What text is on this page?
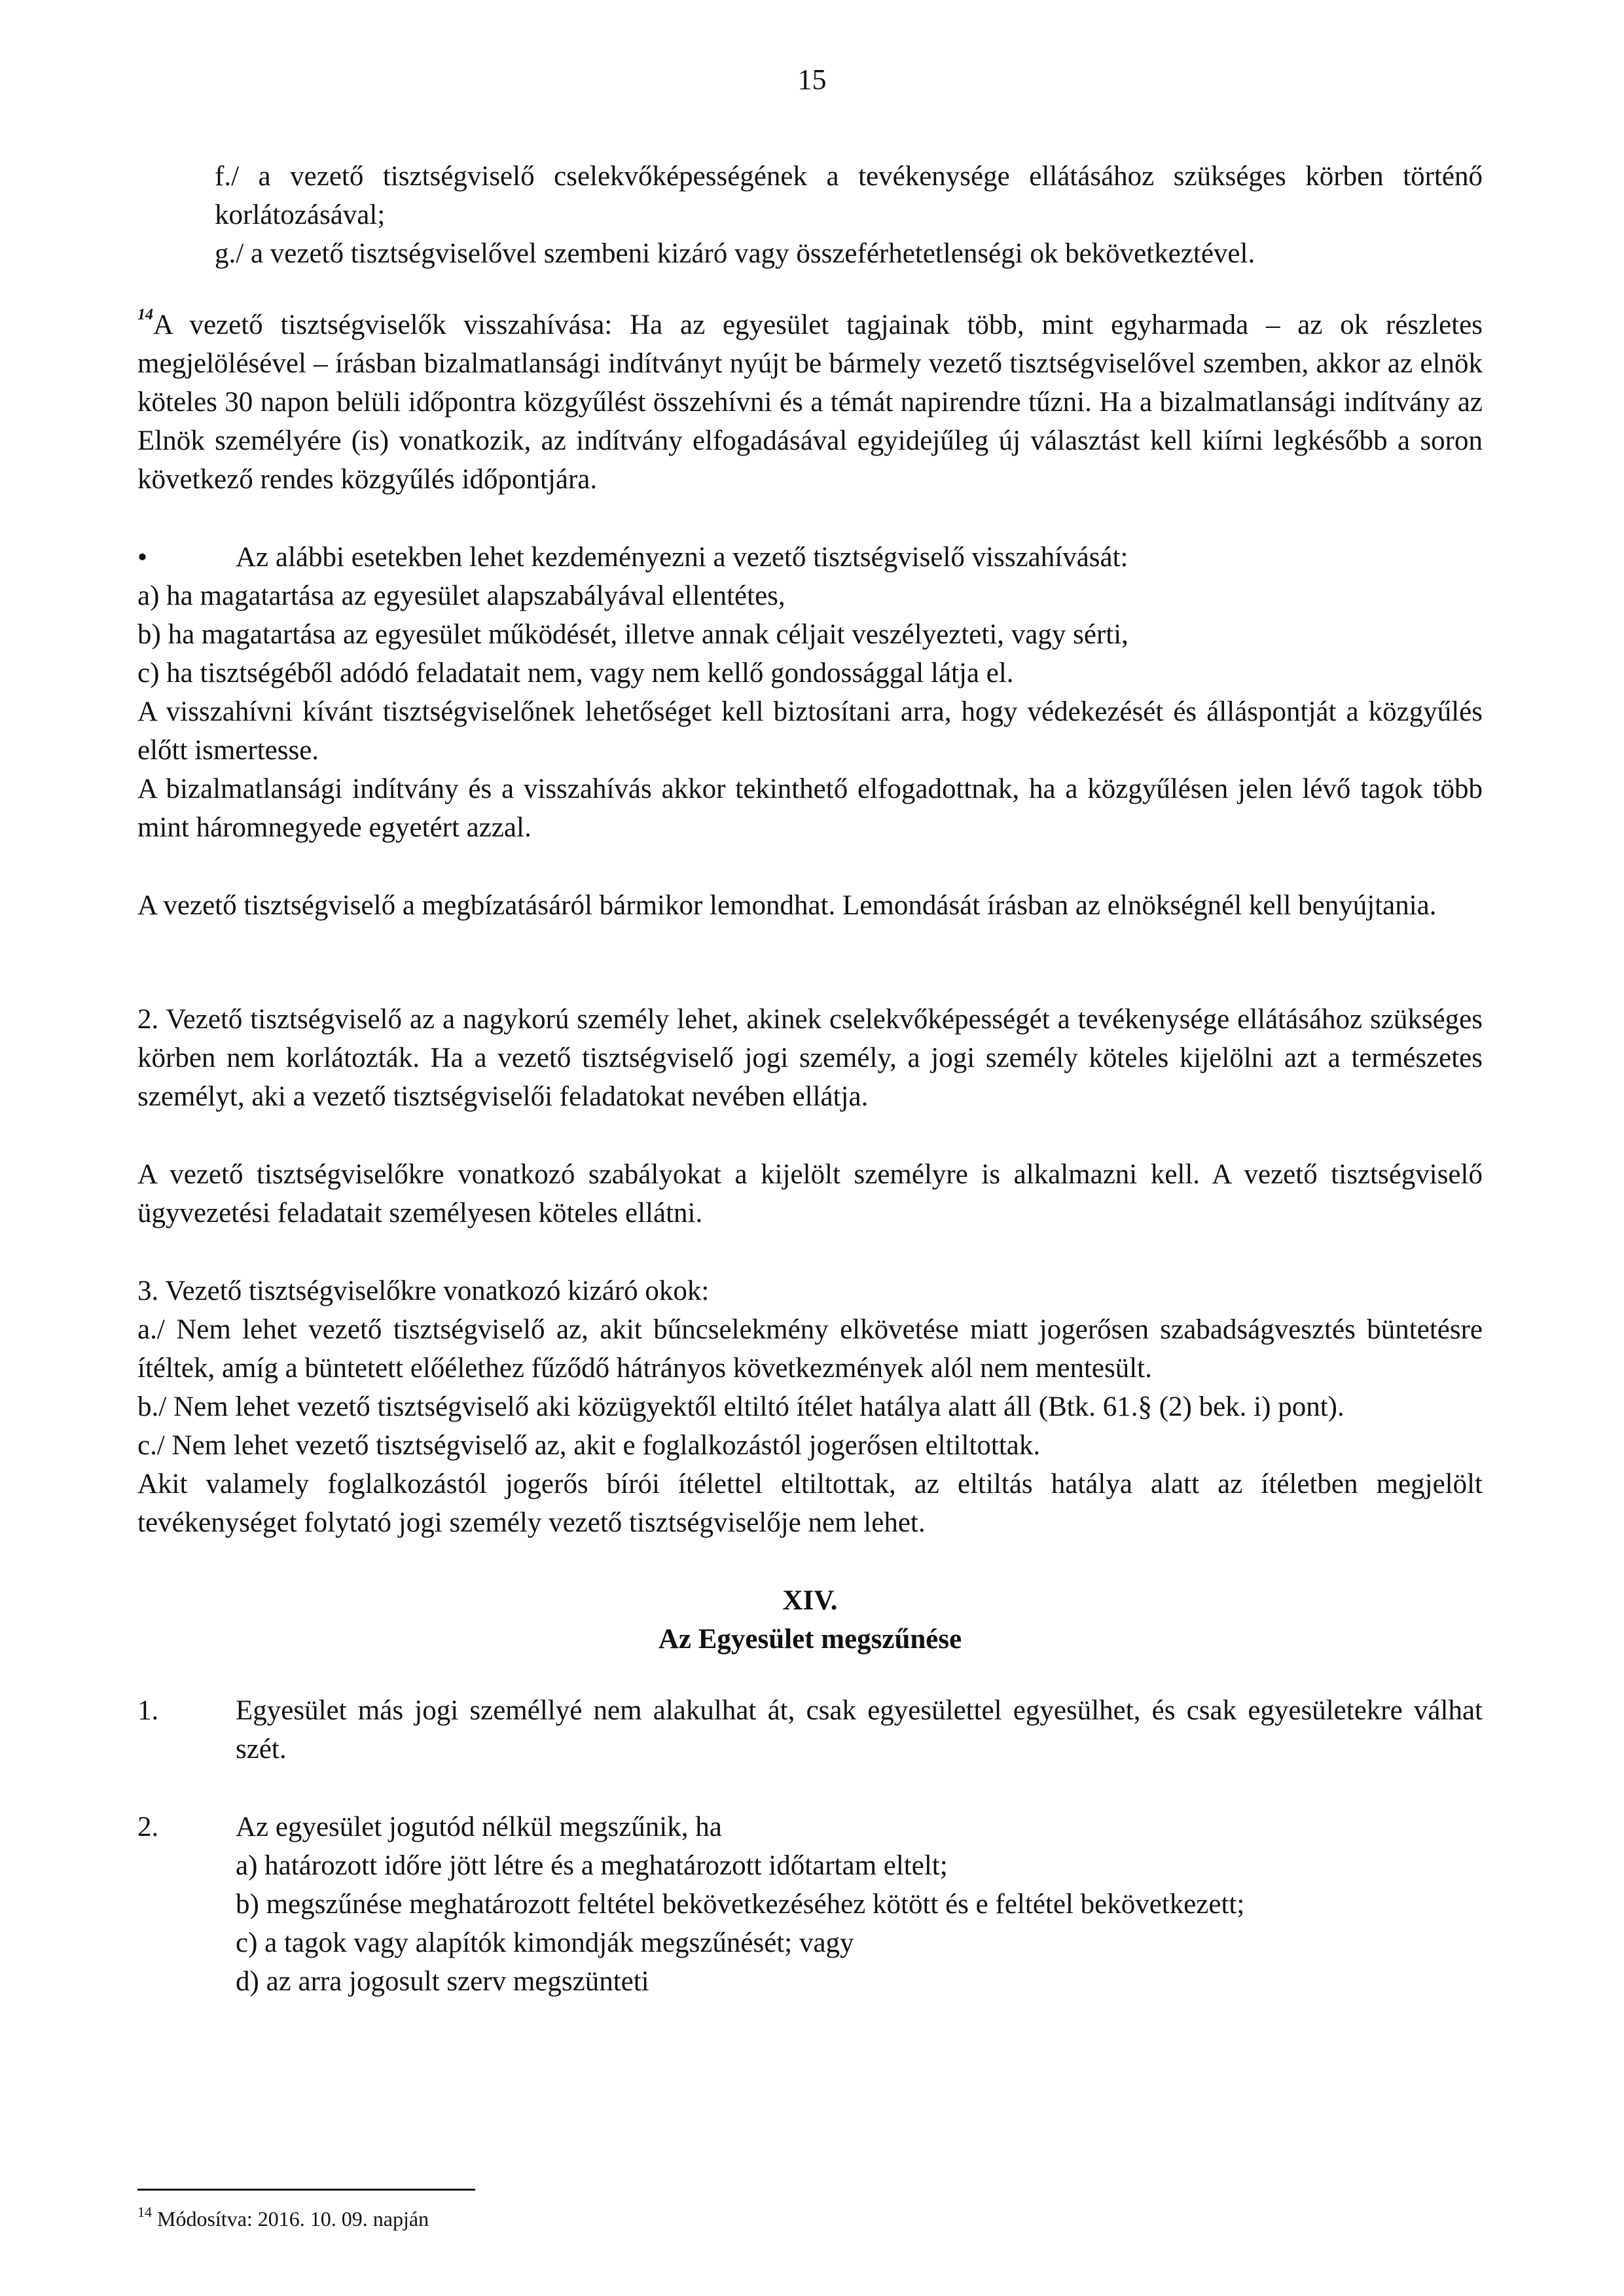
15

f./ a vezető tisztségviselő cselekvőképességének a tevékenysége ellátásához szükséges körben történő korlátozásával;

g./ a vezető tisztségviselővel szembeni kizáró vagy összeférhetetlenségi ok bekövetkeztével.

$^{14}$A vezető tisztségviselők visszahívása: Ha az egyesület tagjainak több, mint egyharmada – az ok részletes megjelölésével – írásban bizalmatlansági indítványt nyújt be bármely vezető tisztségviselővel szemben, akkor az elnök köteles 30 napon belüli időpontra közgyűlést összehívni és a témát napirendre tűzni. Ha a bizalmatlansági indítvány az Elnök személyére (is) vonatkozik, az indítvány elfogadásával egyidejűleg új választást kell kiírni legkésőbb a soron következő rendes közgyűlés időpontjára.

•	Az alábbi esetekben lehet kezdeményezni a vezető tisztségviselő visszahívását:

a) ha magatartása az egyesület alapszabályával ellentétes,

b) ha magatartása az egyesület működését, illetve annak céljait veszélyezteti, vagy sérti,

c) ha tisztségéből adódó feladatait nem, vagy nem kellő gondossággal látja el.

A visszahívni kívánt tisztségviselőnek lehetőséget kell biztosítani arra, hogy védekezését és álláspontját a közgyűlés előtt ismertesse.

A bizalmatlansági indítvány és a visszahívás akkor tekinthető elfogadottnak, ha a közgyűlésen jelen lévő tagok több mint háromnegyede egyetért azzal.

A vezető tisztségviselő a megbízatásáról bármikor lemondhat. Lemondását írásban az elnökségnél kell benyújtania.

2. Vezető tisztségviselő az a nagykorú személy lehet, akinek cselekvőképességét a tevékenysége ellátásához szükséges körben nem korlátozták. Ha a vezető tisztségviselő jogi személy, a jogi személy köteles kijelölni azt a természetes személyt, aki a vezető tisztségviselői feladatokat nevében ellátja.

A vezető tisztségviselőkre vonatkozó szabályokat a kijelölt személyre is alkalmazni kell. A vezető tisztségviselő ügyvezetési feladatait személyesen köteles ellátni.

3. Vezető tisztségviselőkre vonatkozó kizáró okok:

a./ Nem lehet vezető tisztségviselő az, akit bűncselekmény elkövetése miatt jogerősen szabadságvesztés büntetésre ítéltek, amíg a büntetett előélethez fűződő hátrányos következmények alól nem mentesült.

b./ Nem lehet vezető tisztségviselő aki közügyektől eltiltó ítélet hatálya alatt áll (Btk. 61.§ (2) bek. i) pont).

c./ Nem lehet vezető tisztségviselő az, akit e foglalkozástól jogerősen eltiltottak.

Akit valamely foglalkozástól jogerős bírói ítélettel eltiltottak, az eltiltás hatálya alatt az ítéletben megjelölt tevékenységet folytató jogi személy vezető tisztségviselője nem lehet.

XIV.

Az Egyesület megszűnése

1.	Egyesület más jogi személlyé nem alakulhat át, csak egyesülettel egyesülhet, és csak egyesületekre válhat szét.

2.	Az egyesület jogutód nélkül megszűnik, ha
a) határozott időre jött létre és a meghatározott időtartam eltelt;
b) megszűnése meghatározott feltétel bekövetkezéséhez kötött és e feltétel bekövetkezett;
c) a tagok vagy alapítók kimondják megszűnését; vagy
d) az arra jogosult szerv megszünteti
$^{14}$ Módosítva: 2016. 10. 09. napján
